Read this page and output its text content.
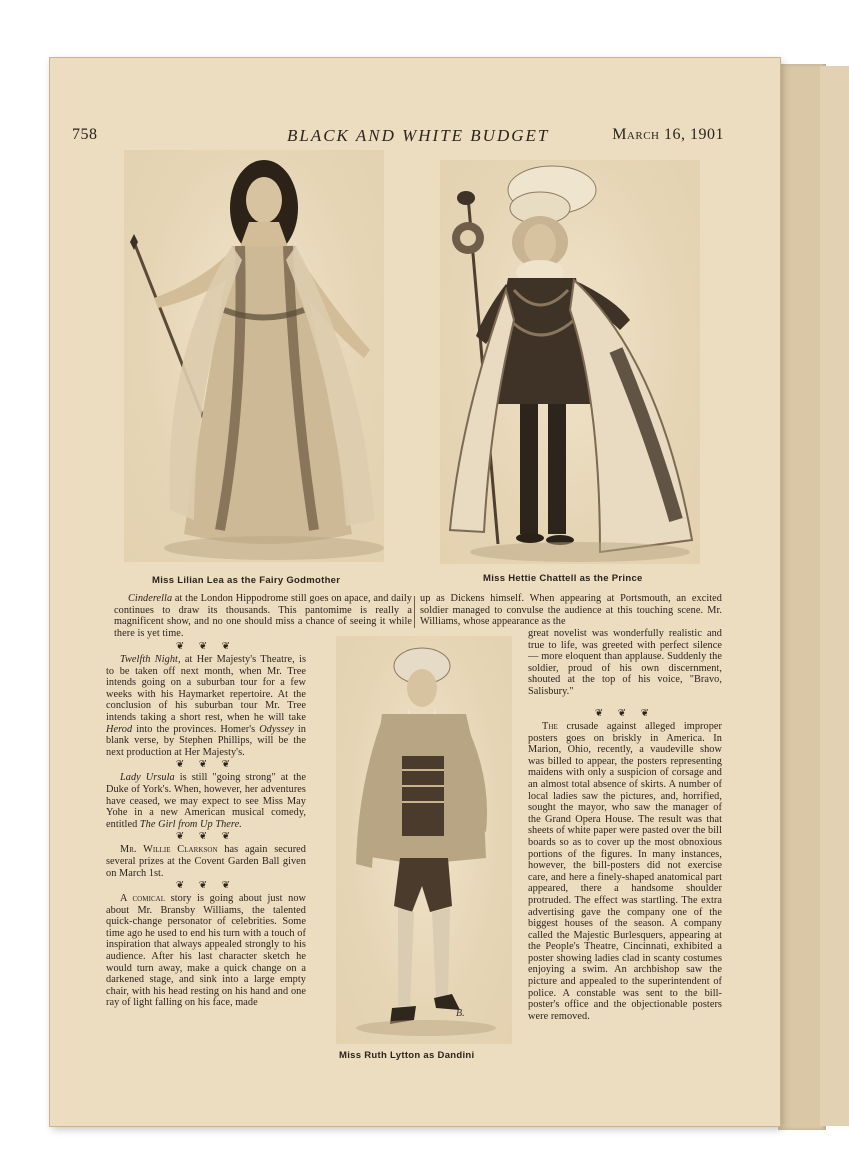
758	BLACK AND WHITE BUDGET	March 16, 1901
Miss Lilian Lea as the Fairy Godmother	Miss Hettie Chattell as the Prince
Miss Ruth Lytton as Dandini
B.

Cinderella at the London Hippodrome still goes on apace, and daily continues to draw its thousands. This pantomime is really a magnificent show, and no one should miss a chance of seeing it while there is yet time.

up as Dickens himself. When appearing at Portsmouth, an excited soldier managed to convulse the audience at this touching scene. Mr. Williams, whose appearance as the

great novelist was wonderfully realistic and true to life, was greeted with perfect silence — more eloquent than applause. Suddenly the soldier, proud of his own discernment, shouted at the top of his voice, "Bravo, Salisbury."

❦ ❦ ❦

The crusade against alleged improper posters goes on briskly in America. In Marion, Ohio, recently, a vaudeville show was billed to appear, the posters representing maidens with only a suspicion of corsage and an almost total absence of skirts. A number of local ladies saw the pictures, and, horrified, sought the mayor, who saw the manager of the Grand Opera House. The result was that sheets of white paper were pasted over the bill boards so as to cover up the most obnoxious portions of the figures. In many instances, however, the bill-posters did not exercise care, and here a finely-shaped anatomical part appeared, there a handsome shoulder protruded. The effect was startling. The extra advertising gave the company one of the biggest houses of the season. A company called the Majestic Burlesquers, appearing at the People's Theatre, Cincinnati, exhibited a poster showing ladies clad in scanty costumes enjoying a swim. An archbishop saw the picture and appealed to the superintendent of police. A constable was sent to the bill-poster's office and the objectionable posters were removed.

❦ ❦ ❦

Twelfth Night, at Her Majesty's Theatre, is to be taken off next month, when Mr. Tree intends going on a suburban tour for a few weeks with his Haymarket repertoire. At the conclusion of his suburban tour Mr. Tree intends taking a short rest, when he will take Herod into the provinces. Homer's Odyssey in blank verse, by Stephen Phillips, will be the next production at Her Majesty's.

❦ ❦ ❦

Lady Ursula is still "going strong" at the Duke of York's. When, however, her adventures have ceased, we may expect to see Miss May Yohe in a new American musical comedy, entitled The Girl from Up There.

❦ ❦ ❦

Mr. Willie Clarkson has again secured several prizes at the Covent Garden Ball given on March 1st.

❦ ❦ ❦

A comical story is going about just now about Mr. Bransby Williams, the talented quick-change personator of celebrities. Some time ago he used to end his turn with a touch of inspiration that always appealed strongly to his audience. After his last character sketch he would turn away, make a quick change on a darkened stage, and sink into a large empty chair, with his head resting on his hand and one ray of light falling on his face, made
